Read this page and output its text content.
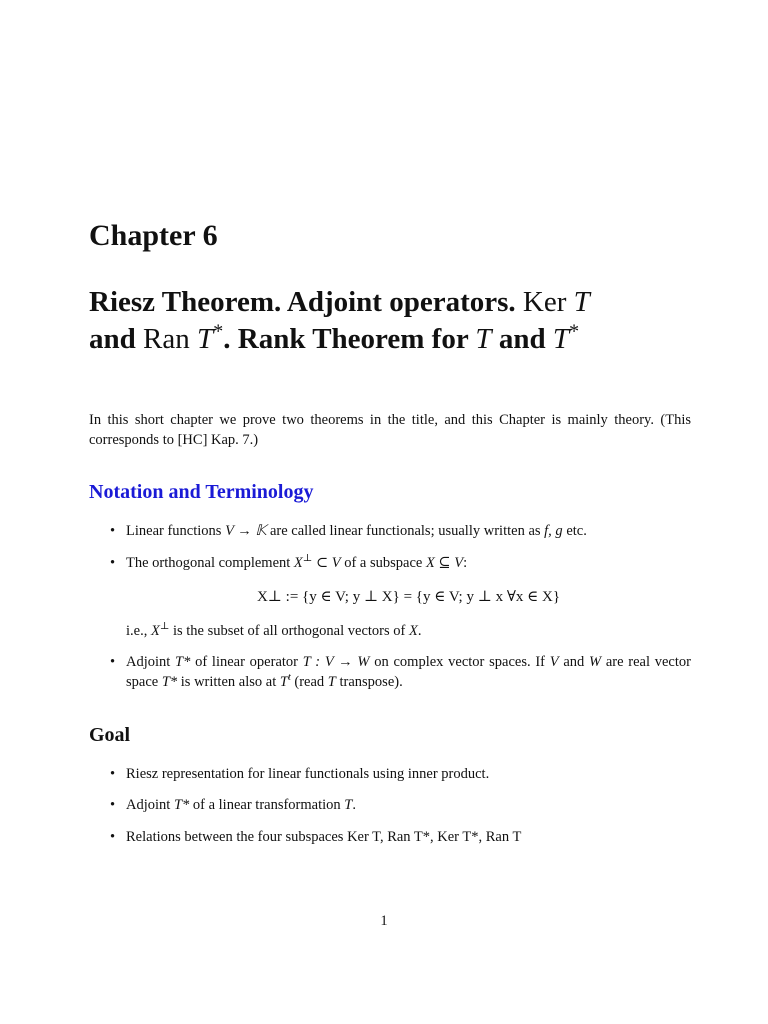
Chapter 6
Riesz Theorem. Adjoint operators. Ker T
and Ran T*. Rank Theorem for T and T*

In this short chapter we prove two theorems in the title, and this Chapter is mainly theory. (This corresponds to [HC] Kap. 7.)

Notation and Terminology
• Linear functions V → 𝕂 are called linear functionals; usually written as f, g etc.
• The orthogonal complement X⊥ ⊂ V of a subspace X ⊆ V:
X⊥ := {y ∈ V; y ⊥ X} = {y ∈ V; y ⊥ x ∀x ∈ X}
i.e., X⊥ is the subset of all orthogonal vectors of X.
• Adjoint T* of linear operator T : V → W on complex vector spaces. If V and W are real vector space T* is written also at $T^t$ (read T transpose).
Goal
• Riesz representation for linear functionals using inner product.
• Adjoint T* of a linear transformation T.
• Relations between the four subspaces Ker T, Ran T*, Ker T*, Ran T
1
